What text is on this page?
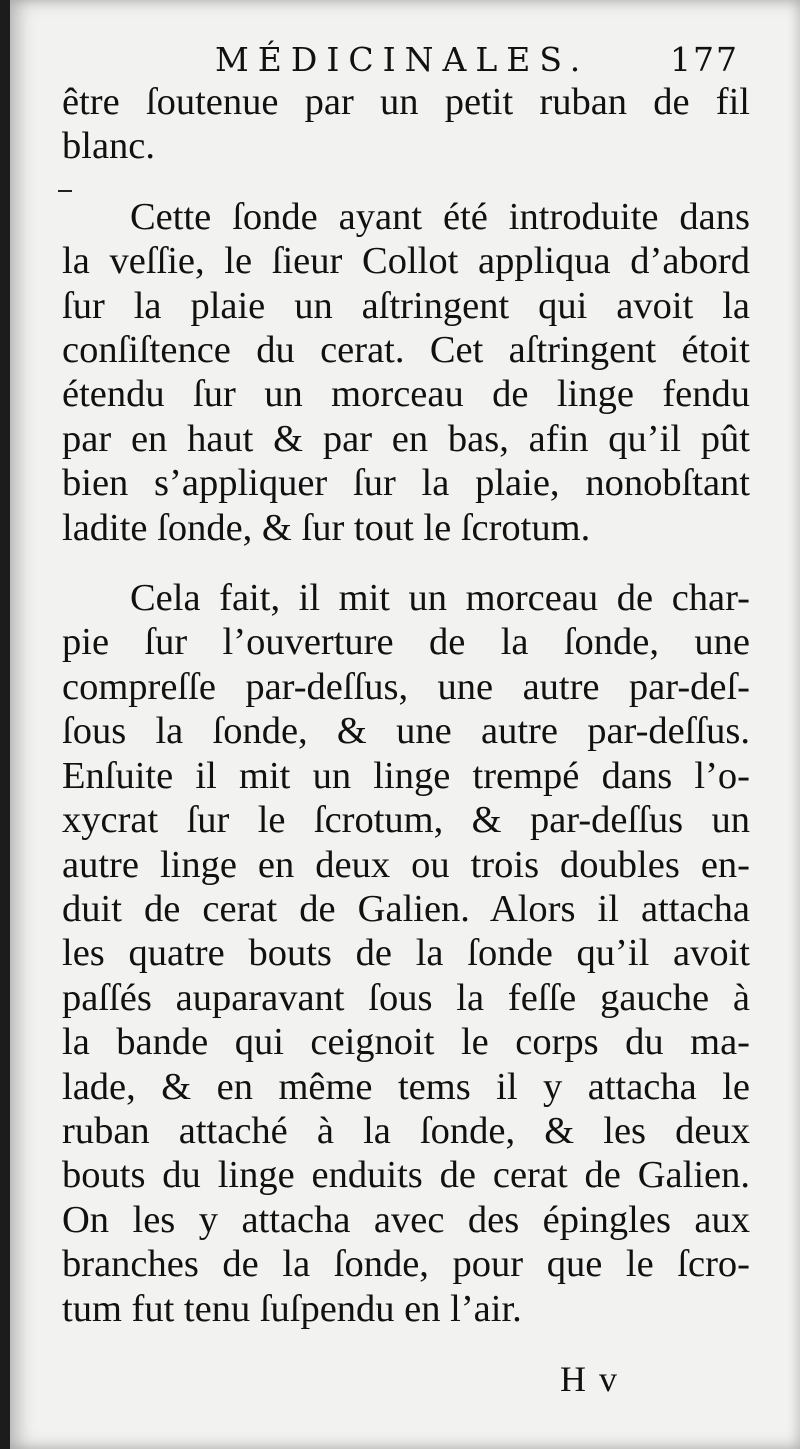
MÉDICINALES. 177
être ſoutenue par un petit ruban de fil
blanc.
Cette ſonde ayant été introduite dans
la veſſie, le ſieur Collot appliqua d’abord
ſur la plaie un aſtringent qui avoit la
conſiſtence du cerat. Cet aſtringent étoit
étendu ſur un morceau de linge fendu
par en haut & par en bas, afin qu’il pût
bien s’appliquer ſur la plaie, nonobſtant
ladite ſonde, & ſur tout le ſcrotum.
Cela fait, il mit un morceau de char-
pie ſur l’ouverture de la ſonde, une
compreſſe par-deſſus, une autre par-deſ-
ſous la ſonde, & une autre par-deſſus.
Enſuite il mit un linge trempé dans l’o-
xycrat ſur le ſcrotum, & par-deſſus un
autre linge en deux ou trois doubles en-
duit de cerat de Galien. Alors il attacha
les quatre bouts de la ſonde qu’il avoit
paſſés auparavant ſous la feſſe gauche à
la bande qui ceignoit le corps du ma-
lade, & en même tems il y attacha le
ruban attaché à la ſonde, & les deux
bouts du linge enduits de cerat de Galien.
On les y attacha avec des épingles aux
branches de la ſonde, pour que le ſcro-
tum fut tenu ſuſpendu en l’air.
H v
